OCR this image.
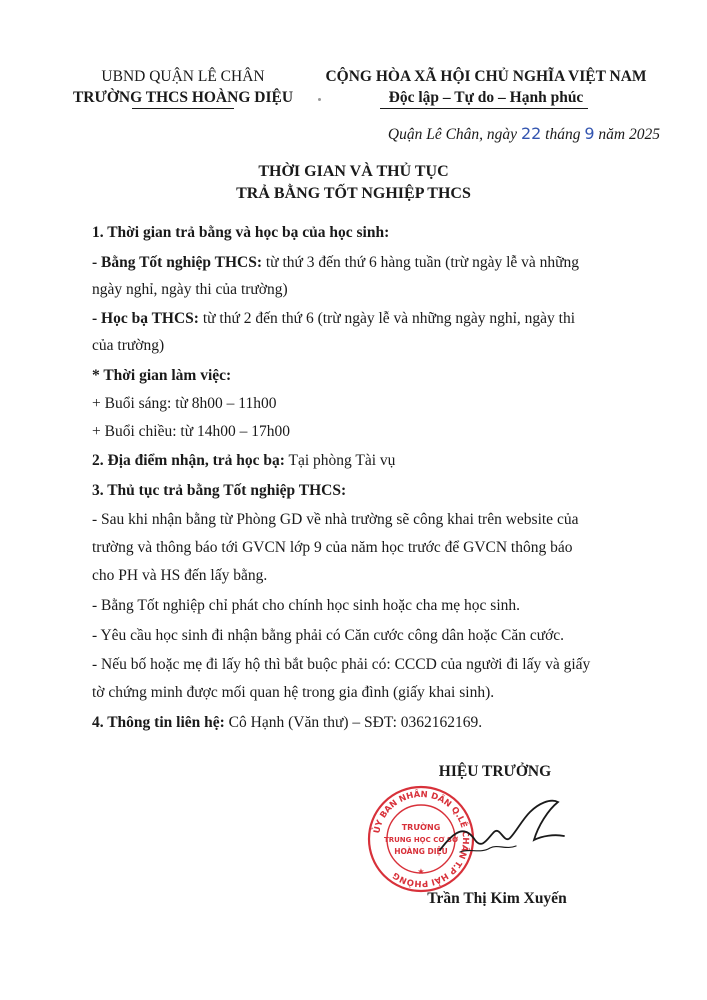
UBND QUẬN LÊ CHÂN
TRƯỜNG THCS HOÀNG DIỆU
CỘNG HÒA XÃ HỘI CHỦ NGHĨA VIỆT NAM
Độc lập – Tự do – Hạnh phúc
Quận Lê Chân, ngày 22 tháng 9 năm 2025
THỜI GIAN VÀ THỦ TỤC
TRẢ BẰNG TỐT NGHIỆP THCS
1. Thời gian trả bằng và học bạ của học sinh:
- Bằng Tốt nghiệp THCS: từ thứ 3 đến thứ 6 hàng tuần (trừ ngày lễ và những
ngày nghỉ, ngày thi của trường)
- Học bạ THCS: từ thứ 2 đến thứ 6 (trừ ngày lễ và những ngày nghỉ, ngày thi
của trường)
* Thời gian làm việc:
+ Buổi sáng: từ 8h00 – 11h00
+ Buổi chiều: từ 14h00 – 17h00
2. Địa điểm nhận, trả học bạ: Tại phòng Tài vụ
3. Thủ tục trả bằng Tốt nghiệp THCS:
- Sau khi nhận bằng từ Phòng GD về nhà trường sẽ công khai trên website của
trường và thông báo tới GVCN lớp 9 của năm học trước để GVCN thông báo
cho PH và HS đến lấy bằng.
- Bằng Tốt nghiệp chỉ phát cho chính học sinh hoặc cha mẹ học sinh.
- Yêu cầu học sinh đi nhận bằng phải có Căn cước công dân hoặc Căn cước.
- Nếu bố hoặc mẹ đi lấy hộ thì bắt buộc phải có: CCCD của người đi lấy và giấy
tờ chứng minh được mối quan hệ trong gia đình (giấy khai sinh).
4. Thông tin liên hệ: Cô Hạnh (Văn thư) – SĐT: 0362162169.
HIỆU TRƯỞNG
ỦY BAN NHÂN DÂN Q.LÊ CHÂN T.P HẢI PHÒNG
TRƯỜNG
TRUNG HỌC CƠ SỞ
HOÀNG DIỆU
★
Trần Thị Kim Xuyến
